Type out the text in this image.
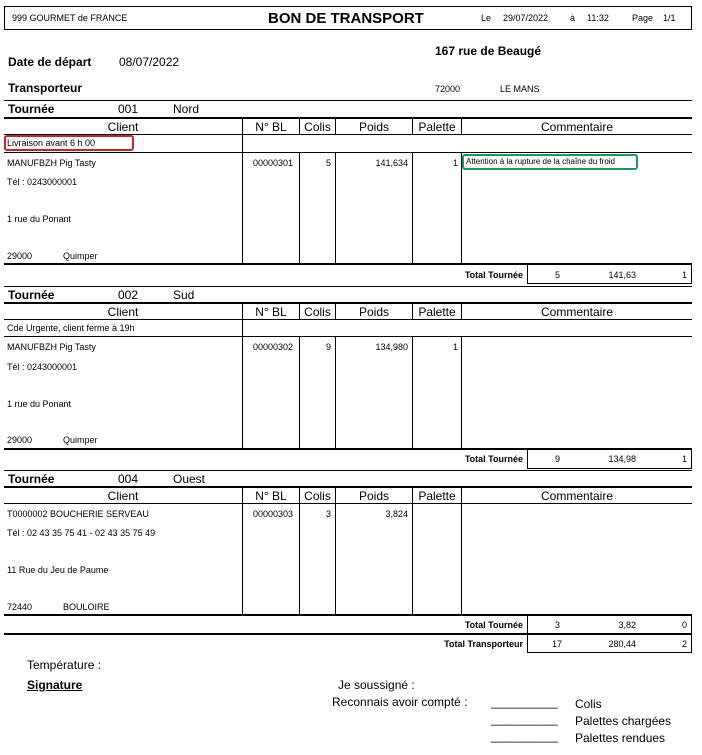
999 GOURMET de FRANCE	BON DE TRANSPORT	Le 29/07/2022 à 11:32	Page 1/1
Date de départ 08/07/2022
167 rue de Beaugé
Transporteur	72000	LE MANS
Tournée	001	Nord
Client	N° BL	Colis	Poids	Palette	Commentaire
Livraison avant 6 h 00
MANUFBZH Pig Tasty
Tél : 0243000001
1 rue du Ponant
29000	Quimper
00000301	5	141,634	1 Attention à la rupture de la chaîne du froid
Total Tournée	5	141,63	1
Tournée	002	Sud
Client	N° BL	Colis	Poids	Palette	Commentaire
Cde Urgente, client ferme à 19h
MANUFBZH Pig Tasty
Tél : 0243000001
1 rue du Ponant
29000	Quimper
00000302	9	134,980	1
Total Tournée	9	134,98	1
Tournée	004	Ouest
Client	N° BL	Colis	Poids	Palette	Commentaire
T0000002 BOUCHERIE SERVEAU
Tél : 02 43 35 75 41 - 02 43 35 75 49
11 Rue du Jeu de Paume
72440	BOULOIRE
00000303	3	3,824
Total Tournée	3	3,82	0
Total Transporteur	17	280,44	2
Température :
Signature	Je soussigné :
Reconnais avoir compté : __________ Colis
__________ Palettes chargées
__________ Palettes rendues
